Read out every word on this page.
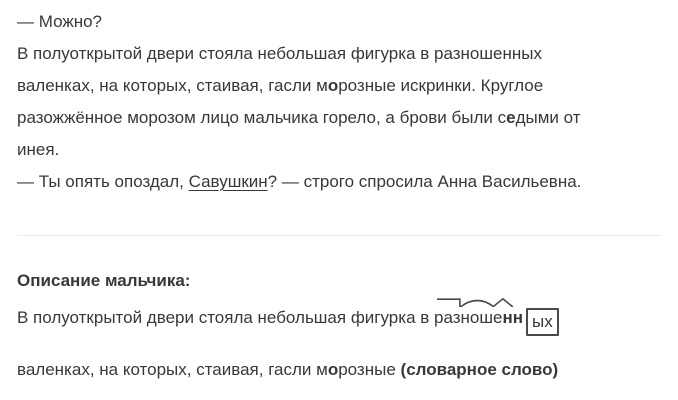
— Можно?
В полуоткрытой двери стояла небольшая фигурка в разношенных
валенках, на которых, стаивая, гасли морозные искринки. Круглое
разожжённое морозом лицо мальчика горело, а брови были седыми от
инея.
— Ты опять опоздал, Савушкин? — строго спросила Анна Васильевна.
Описание мальчика:
В полуоткрытой двери стояла небольшая фигурка в
раз
нош
енн ых
валенках, на которых, стаивая, гасли морозные (словарное слово)
